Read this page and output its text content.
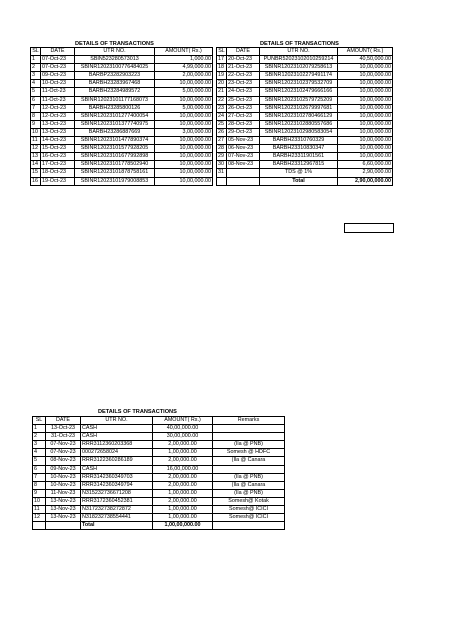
DETAILS OF TRANSACTIONS
SL	DATE	UTR NO.	AMOUNT( Rs.)
1	07-Oct-23	SBIN523280573013	1,000.00
2	07-Oct-23	SBINR12023100776484025	4,99,000.00
3	09-Oct-23	BARBP23282903223	2,00,000.00
4	10-Oct-23	BARBH23283967468	10,00,000.00
5	11-Oct-23	BARBH23284989572	5,00,000.00
6	11-Oct-23	SBINR12023101177168073	10,00,000.00
7	12-Oct-23	BARBH23285800126	5,00,000.00
8	12-Oct-23	SBINR12023101277400054	10,00,000.00
9	13-Oct-23	SBINR12023101377740975	10,00,000.00
10	13-Oct-23	BARBH23286887669	3,00,000.00
11	14-Oct-23	SBINR12023101477890374	10,00,000.00
12	15-Oct-23	SBINR12023101577928205	10,00,000.00
13	16-Oct-23	SBINR12023101677992898	10,00,000.00
14	17-Oct-23	SBINR12023101778502940	10,00,000.00
15	18-Oct-23	SBINR12023101878758161	10,00,000.00
16	19-Oct-23	SBINR12023101979008853	10,00,000.00
DETAILS OF TRANSACTIONS
SL	DATE	UTR NO.	AMOUNT( Rs.)
17	20-Oct-23	PUNBR52023102010259214	40,50,000.00
18	21-Oct-23	SBINR12023102079258613	10,00,000.00
19	22-Oct-23	SBINR12023102279491174	10,00,000.00
20	23-Oct-23	SBINR12023102379532709	10,00,000.00
21	24-Oct-23	SBINR12023102479666166	10,00,000.00
22	25-Oct-23	SBINR12023102579725209	10,00,000.00
23	26-Oct-23	SBINR12023102679997681	10,00,000.00
24	27-Oct-23	SBINR12023102780466129	10,00,000.00
25	28-Oct-23	SBINR12023102880557686	10,00,000.00
26	29-Oct-23	SBINR12023102980583054	10,00,000.00
27	05-Nov-23	BARBH23310760329	10,00,000.00
28	06-Nov-23	BARBH23310830347	10,00,000.00
29	07-Nov-23	BARBH23311901561	10,00,000.00
30	08-Nov-23	BARBH23312967815	6,60,000.00
31		TDS @ 1%	2,90,000.00
		Total	2,90,00,000.00
DETAILS OF TRANSACTIONS
SL	DATE	UTR NO.	AMOUNT( Rs.)	Remarks
1	13-Oct-23	CASH	40,00,000.00	
2	31-Oct-23	CASH	30,00,000.00	
3	07-Nov-23	RRR3112360203368	2,00,000.00	(Ila @ PNB)
4	07-Nov-23	000272658024	1,00,000.00	Somesh @ HDFC
5	08-Nov-23	RRR3122360286189	2,00,000.00	(Ila @ Canara
6	09-Nov-23	CASH	16,00,000.00	
7	10-Nov-23	RRR3142360349703	2,00,000.00	(Ila @ PNB)
8	10-Nov-23	RRR3142360349794	2,00,000.00	(Ila @ Canara
9	11-Nov-23	N315232736671208	1,00,000.00	(Ila @ PNB)
10	13-Nov-23	RRR3172360452381	2,00,000.00	Somesh@ Kotak
11	13-Nov-23	N317232738272872	1,00,000.00	Somesh@ ICICI
12	13-Nov-23	N318232738554441	1,00,000.00	Somesh@ ICICI
		Total	1,00,00,000.00	
